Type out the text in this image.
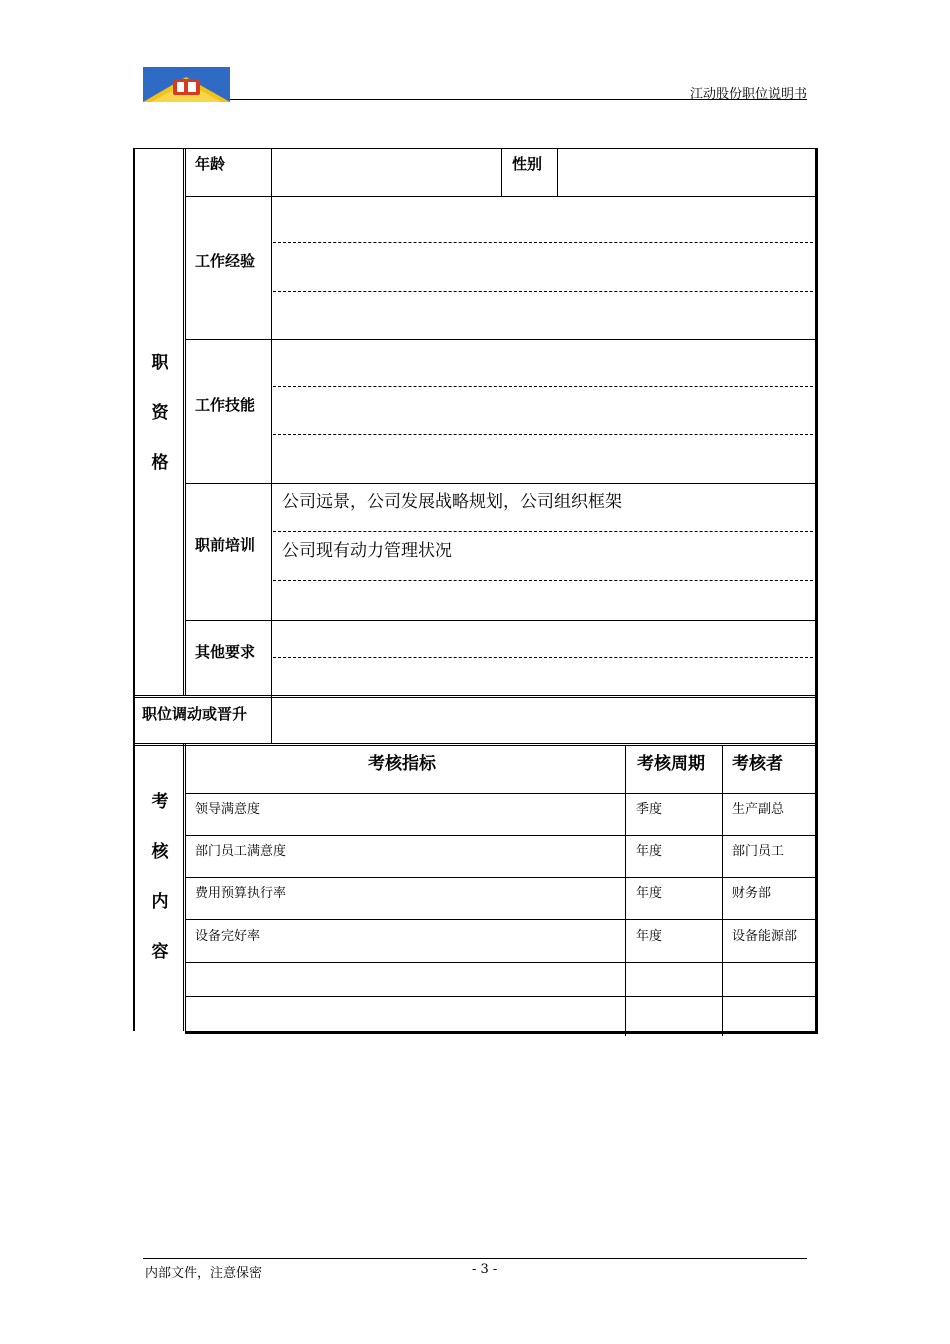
江动股份职位说明书
职
资
格
年龄	性别
工作经验
工作技能
职前培训
公司远景，公司发展战略规划，公司组织框架
公司现有动力管理状况
其他要求
职位调动或晋升
考
核
内
容
考核指标	考核周期 考核者
领导满意度	季度	生产副总
部门员工满意度	年度	部门员工
费用预算执行率	年度	财务部
设备完好率	年度	设备能源部
内部文件，注意保密	- 3 -
